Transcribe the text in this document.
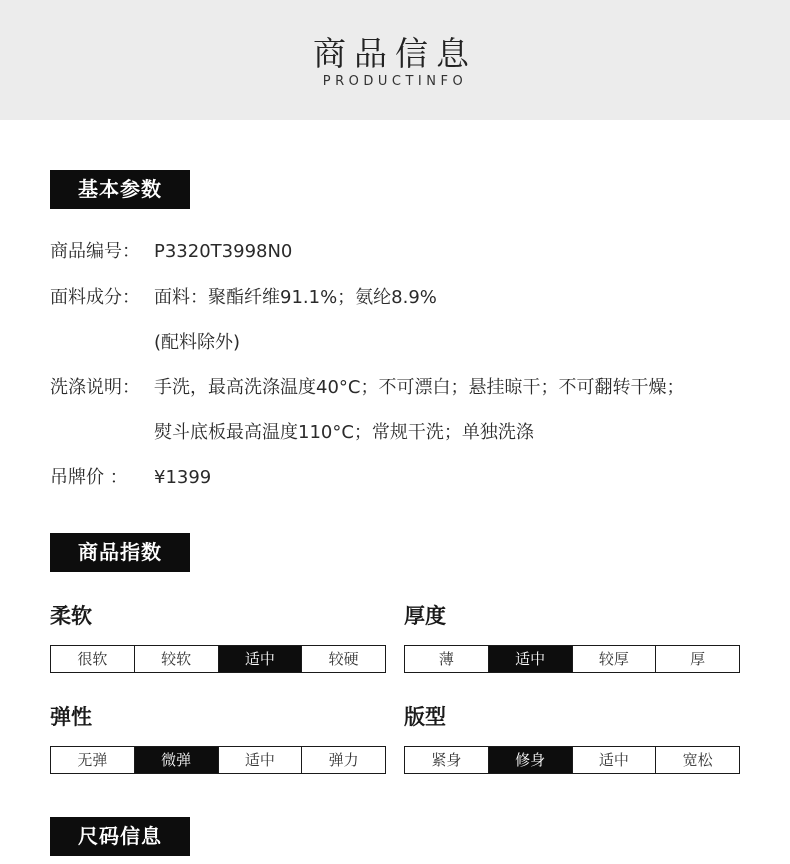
商品信息
PRODUCTINFO
基本参数
商品编号： P3320T3998N0
面料成分： 面料：聚酯纤维91.1%；氨纶8.9%
(配料除外)
洗涤说明： 手洗，最高洗涤温度40°C；不可漂白；悬挂晾干；不可翻转干燥；
熨斗底板最高温度110°C；常规干洗；单独洗涤
吊牌价 ： ¥1399
商品指数
柔软
很软	较软	适中	较硬
厚度
薄	适中	较厚	厚
弹性
无弹	微弹	适中	弹力
版型
紧身	修身	适中	宽松
尺码信息
